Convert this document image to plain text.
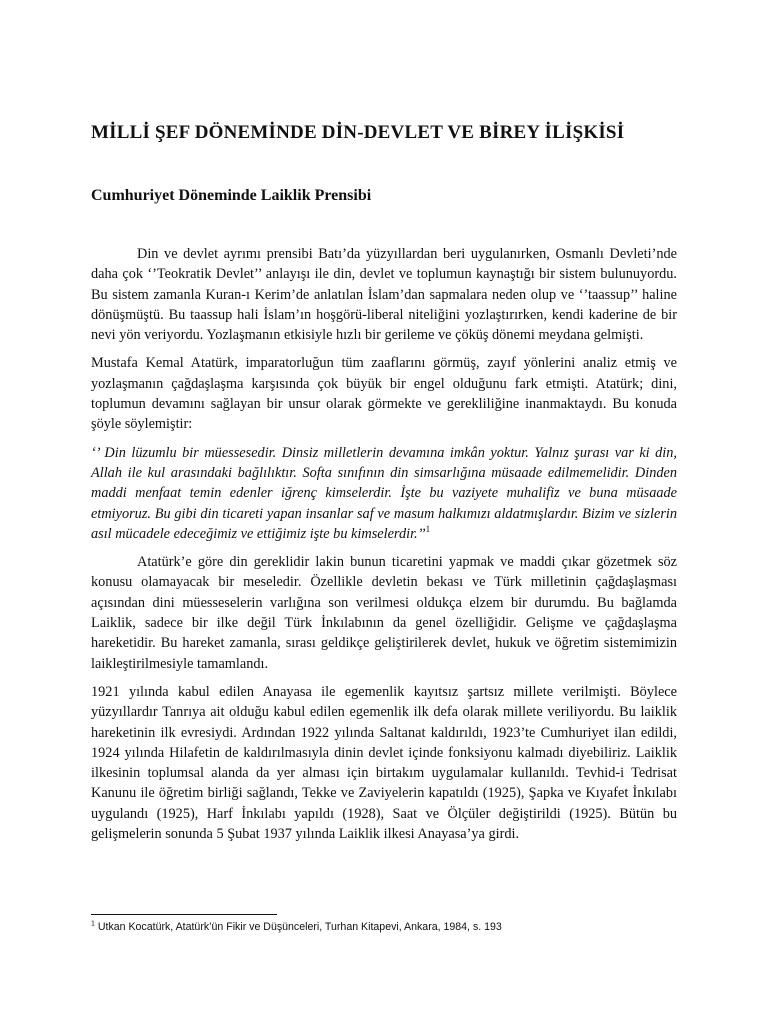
MİLLİ ŞEF DÖNEMİNDE DİN-DEVLET VE BİREY İLİŞKİSİ
Cumhuriyet Döneminde Laiklik Prensibi

Din ve devlet ayrımı prensibi Batı’da yüzyıllardan beri uygulanırken, Osmanlı Devleti’nde daha çok ‘’Teokratik Devlet’’ anlayışı ile din, devlet ve toplumun kaynaştığı bir sistem bulunuyordu. Bu sistem zamanla Kuran-ı Kerim’de anlatılan İslam’dan sapmalara neden olup ve ‘’taassup’’ haline dönüşmüştü. Bu taassup hali İslam’ın hoşgörü-liberal niteliğini yozlaştırırken, kendi kaderine de bir nevi yön veriyordu. Yozlaşmanın etkisiyle hızlı bir gerileme ve çöküş dönemi meydana gelmişti.

Mustafa Kemal Atatürk, imparatorluğun tüm zaaflarını görmüş, zayıf yönlerini analiz etmiş ve yozlaşmanın çağdaşlaşma karşısında çok büyük bir engel olduğunu fark etmişti. Atatürk; dini, toplumun devamını sağlayan bir unsur olarak görmekte ve gerekliliğine inanmaktaydı. Bu konuda şöyle söylemiştir:

‘’ Din lüzumlu bir müessesedir. Dinsiz milletlerin devamına imkân yoktur. Yalnız şurası var ki din, Allah ile kul arasındaki bağlılıktır. Softa sınıfının din simsarlığına müsaade edilmemelidir. Dinden maddi menfaat temin edenler iğrenç kimselerdir. İşte bu vaziyete muhalifiz ve buna müsaade etmiyoruz. Bu gibi din ticareti yapan insanlar saf ve masum halkımızı aldatmışlardır. Bizim ve sizlerin asıl mücadele edeceğimiz ve ettiğimiz işte bu kimselerdir.’’$^1$

Atatürk’e göre din gereklidir lakin bunun ticaretini yapmak ve maddi çıkar gözetmek söz konusu olamayacak bir meseledir. Özellikle devletin bekası ve Türk milletinin çağdaşlaşması açısından dini müesseselerin varlığına son verilmesi oldukça elzem bir durumdu. Bu bağlamda Laiklik, sadece bir ilke değil Türk İnkılabının da genel özelliğidir. Gelişme ve çağdaşlaşma hareketidir. Bu hareket zamanla, sırası geldikçe geliştirilerek devlet, hukuk ve öğretim sistemimizin laikleştirilmesiyle tamamlandı.

1921 yılında kabul edilen Anayasa ile egemenlik kayıtsız şartsız millete verilmişti. Böylece yüzyıllardır Tanrıya ait olduğu kabul edilen egemenlik ilk defa olarak millete veriliyordu. Bu laiklik hareketinin ilk evresiydi. Ardından 1922 yılında Saltanat kaldırıldı, 1923’te Cumhuriyet ilan edildi, 1924 yılında Hilafetin de kaldırılmasıyla dinin devlet içinde fonksiyonu kalmadı diyebiliriz. Laiklik ilkesinin toplumsal alanda da yer alması için birtakım uygulamalar kullanıldı. Tevhid-i Tedrisat Kanunu ile öğretim birliği sağlandı, Tekke ve Zaviyelerin kapatıldı (1925), Şapka ve Kıyafet İnkılabı uygulandı (1925), Harf İnkılabı yapıldı (1928), Saat ve Ölçüler değiştirildi (1925). Bütün bu gelişmelerin sonunda 5 Şubat 1937 yılında Laiklik ilkesi Anayasa’ya girdi.

$^1$ Utkan Kocatürk, Atatürk’ün Fikir ve Düşünceleri, Turhan Kitapevi, Ankara, 1984, s. 193
